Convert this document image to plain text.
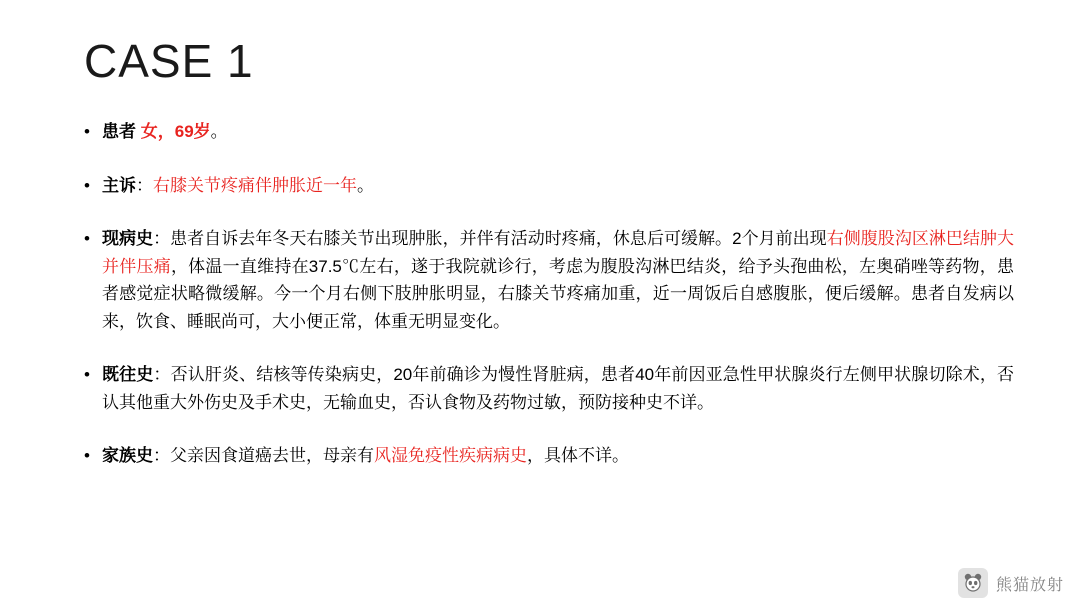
CASE 1
• 患者 女，69岁。
• 主诉：右膝关节疼痛伴肿胀近一年。
• 现病史：患者自诉去年冬天右膝关节出现肿胀，并伴有活动时疼痛，休息后可缓解。2个月前出现右侧腹股沟区淋巴结肿大并伴压痛，体温一直维持在37.5℃左右，遂于我院就诊行，考虑为腹股沟淋巴结炎，给予头孢曲松，左奥硝唑等药物，患者感觉症状略微缓解。今一个月右侧下肢肿胀明显，右膝关节疼痛加重，近一周饭后自感腹胀，便后缓解。患者自发病以来，饮食、睡眠尚可，大小便正常，体重无明显变化。
• 既往史：否认肝炎、结核等传染病史，20年前确诊为慢性肾脏病，患者40年前因亚急性甲状腺炎行左侧甲状腺切除术，否认其他重大外伤史及手术史，无输血史，否认食物及药物过敏，预防接种史不详。
• 家族史：父亲因食道癌去世，母亲有风湿免疫性疾病病史，具体不详。
熊猫放射
